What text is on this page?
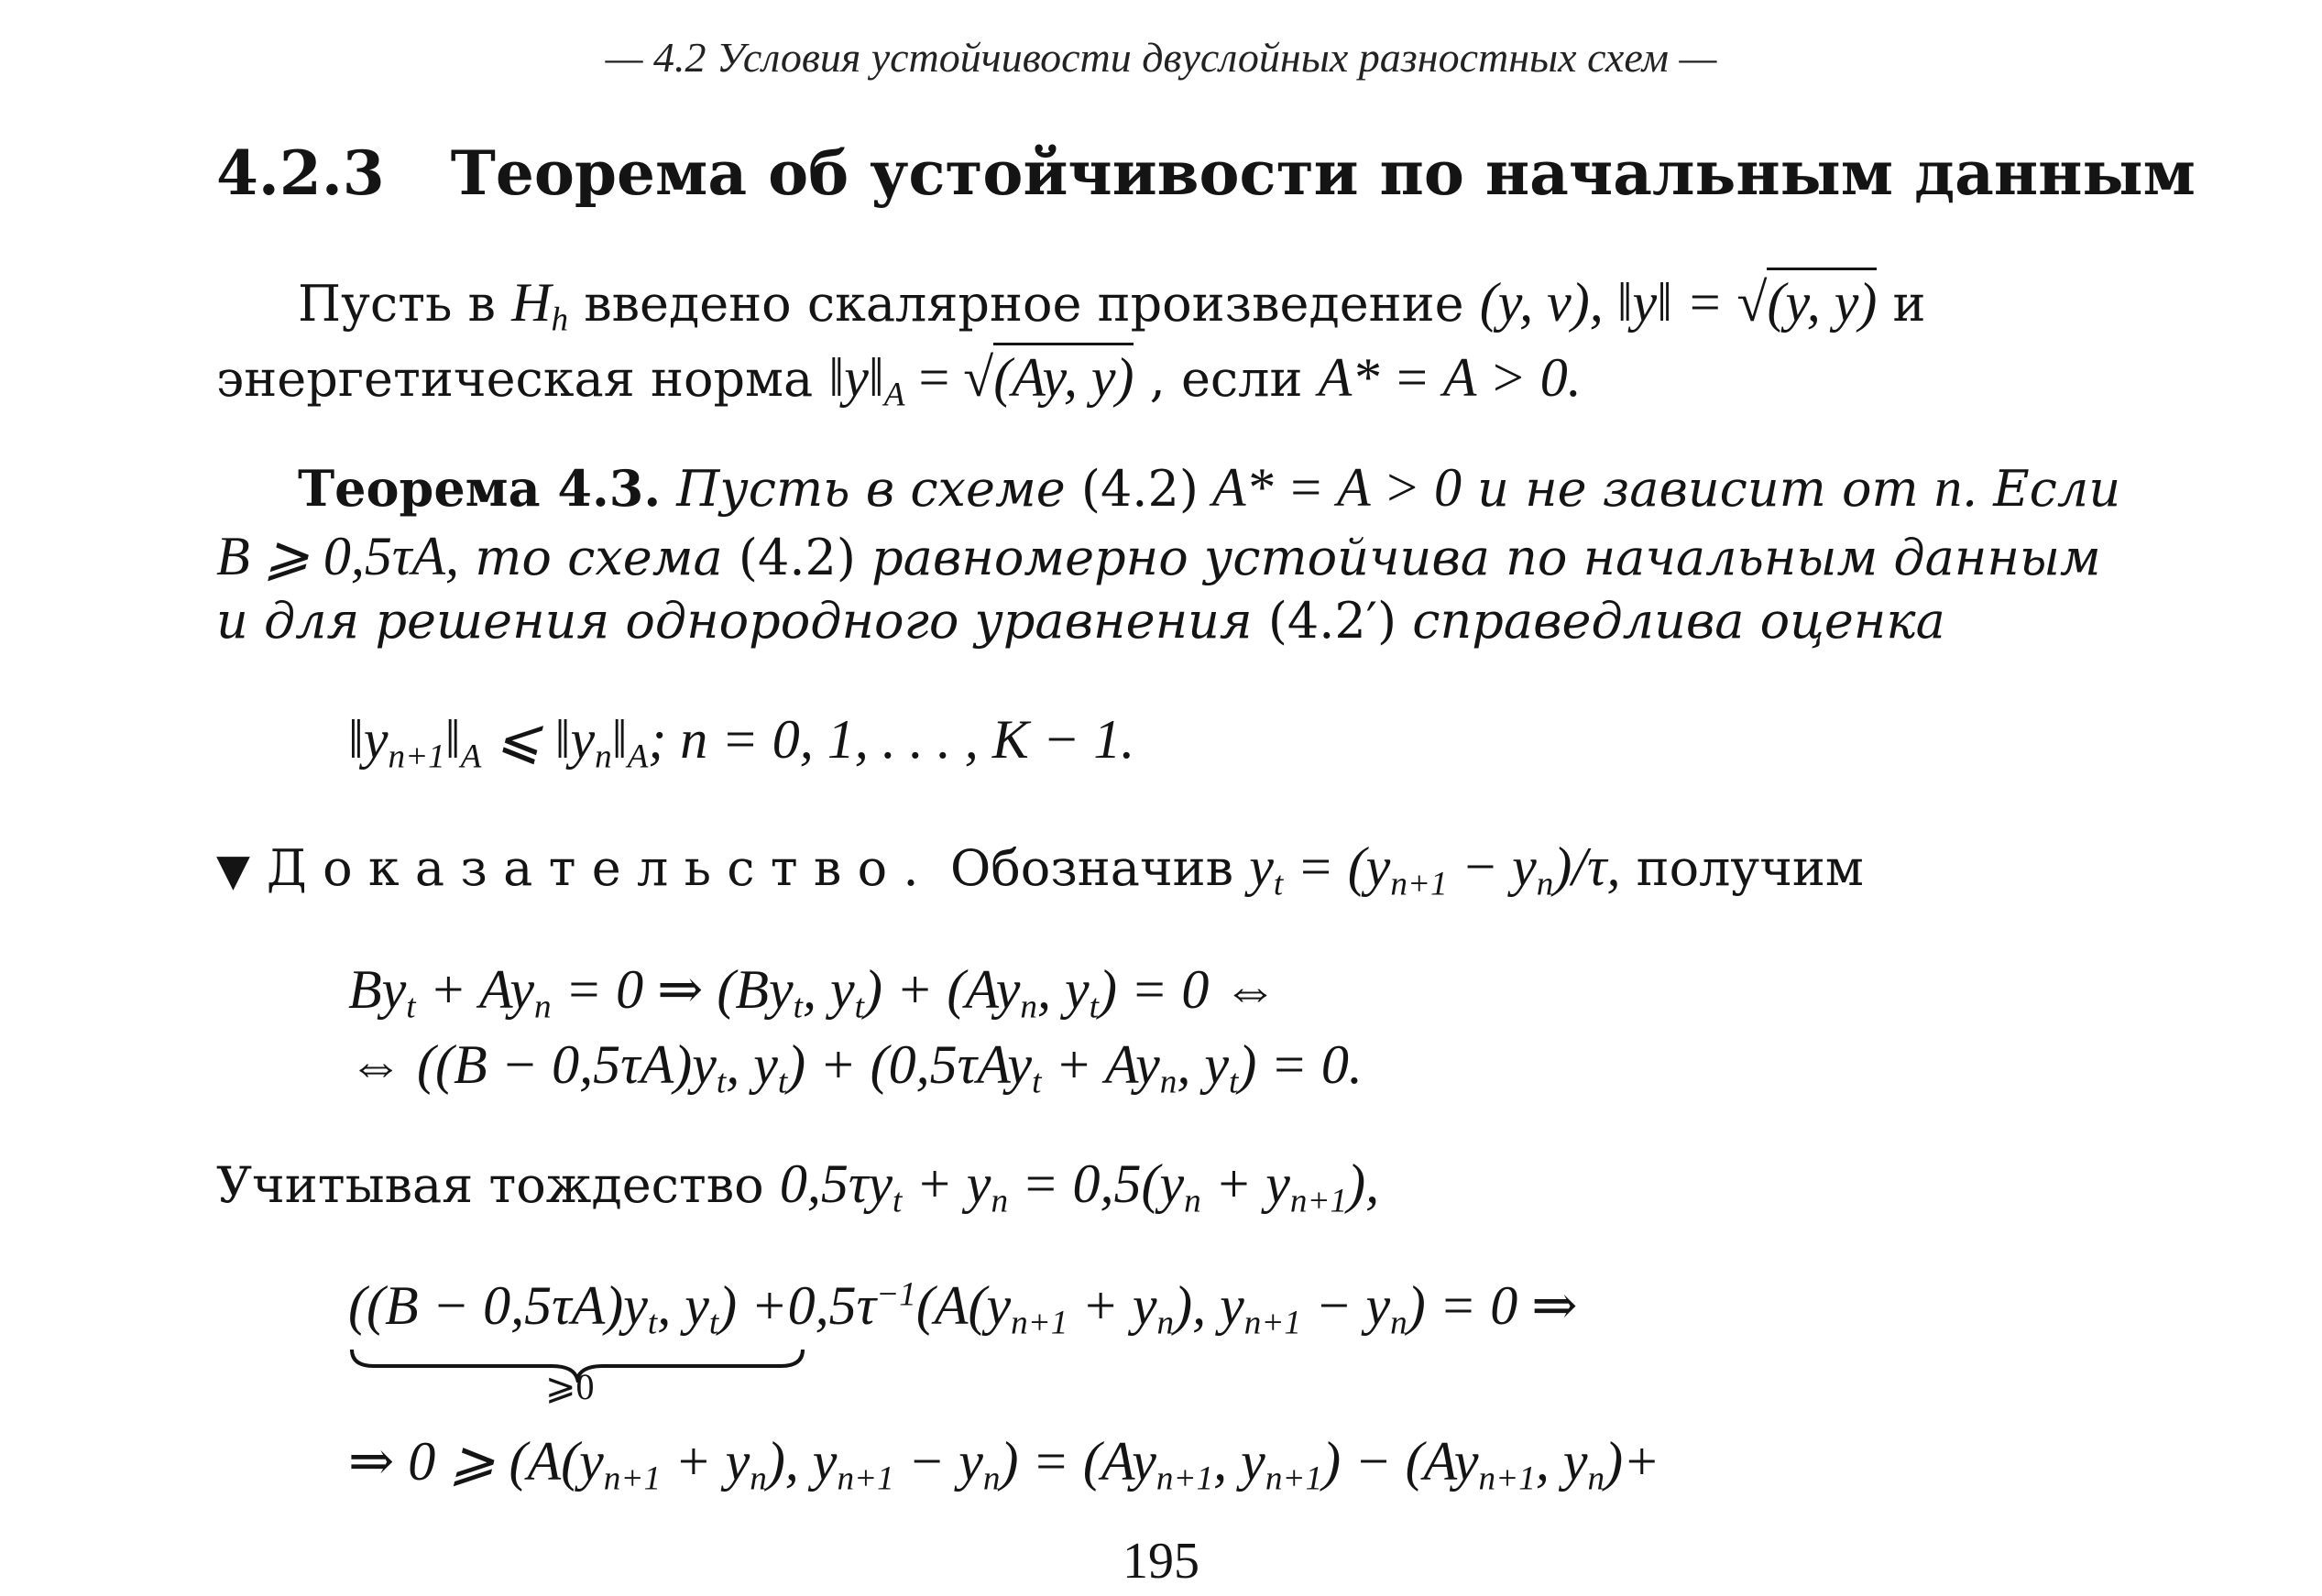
— 4.2 Условия устойчивости двуслойных разностных схем —
4.2.3 Теорема об устойчивости по начальным данным
Пусть в $H_h$ введено скалярное произведение (y, v), ‖y‖ = √(y, y) и
энергетическая норма $‖y‖_A = √(Ay$, y) , если A* = A > 0.
Теорема 4.3. Пусть в схеме (4.2) A* = A > 0 и не зависит от n. Если
B ⩾ 0,5τA, то схема (4.2) равномерно устойчива по начальным данным
и для решения однородного уравнения (4.2′) справедлива оценка
$‖y_{n+1}‖_A$ ⩽ $‖y_n‖_A$; n = 0, 1, . . . , K − 1.
▼ Доказательство. Обозначив $y_t = (y_{n+1} - y_n)/\tau$, получим
$By_t + Ay_n = 0$ ⇒ ($By_t$, $y_t) + (Ay_n$, $y_t) = 0$ ⇔
⇔ ($(B - 0,5\tau A)y_t$, $y_t) + (0,5\tau Ay_t + Ay_n$, $y_t) = 0$.
Учитывая тождество $0,5\tau y_t + y_n = 0,5(y_n + y_{n+1})$,
($(B - 0,5\tau A)y_t$, $y_t$)
$+0,5\tau^{-1}(A(y_{n+1} + y_n)$, $y_{n+1} - y_n) = 0$ ⇒
⩾0
⇒ 0 ⩾ ($A(y_{n+1} + y_n)$, $y_{n+1} - y_n) = (Ay_{n+1}$, $y_{n+1}) - (Ay_{n+1}$, $y_n)+$
195
